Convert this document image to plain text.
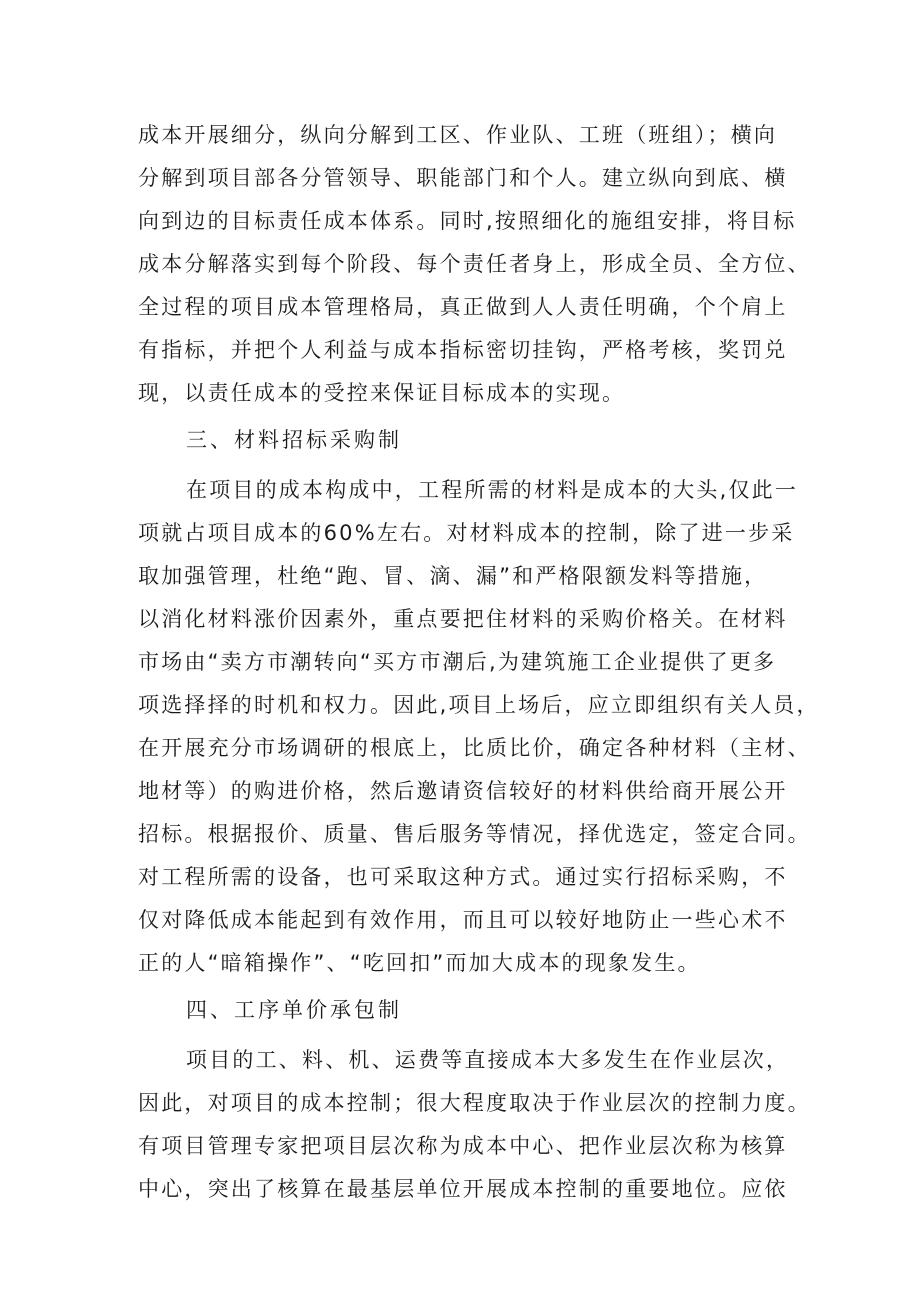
成本开展细分，纵向分解到工区、作业队、工班（班组）；横向
分解到项目部各分管领导、职能部门和个人。建立纵向到底、横
向到边的目标责任成本体系。同时,按照细化的施组安排，将目标
成本分解落实到每个阶段、每个责任者身上，形成全员、全方位、
全过程的项目成本管理格局，真正做到人人责任明确，个个肩上
有指标，并把个人利益与成本指标密切挂钩，严格考核，奖罚兑
现，以责任成本的受控来保证目标成本的实现。
三、材料招标采购制
在项目的成本构成中，工程所需的材料是成本的大头,仅此一
项就占项目成本的60%左右。对材料成本的控制，除了进一步采
取加强管理，杜绝“跑、冒、滴、漏”和严格限额发料等措施，
以消化材料涨价因素外，重点要把住材料的采购价格关。在材料
市场由“卖方市潮转向“买方市潮后,为建筑施工企业提供了更多
项选择择的时机和权力。因此,项目上场后，应立即组织有关人员，
在开展充分市场调研的根底上，比质比价，确定各种材料（主材、
地材等）的购进价格，然后邀请资信较好的材料供给商开展公开
招标。根据报价、质量、售后服务等情况，择优选定，签定合同。
对工程所需的设备，也可采取这种方式。通过实行招标采购，不
仅对降低成本能起到有效作用，而且可以较好地防止一些心术不
正的人“暗箱操作”、“吃回扣”而加大成本的现象发生。
四、工序单价承包制
项目的工、料、机、运费等直接成本大多发生在作业层次，
因此，对项目的成本控制；很大程度取决于作业层次的控制力度。
有项目管理专家把项目层次称为成本中心、把作业层次称为核算
中心，突出了核算在最基层单位开展成本控制的重要地位。应依
